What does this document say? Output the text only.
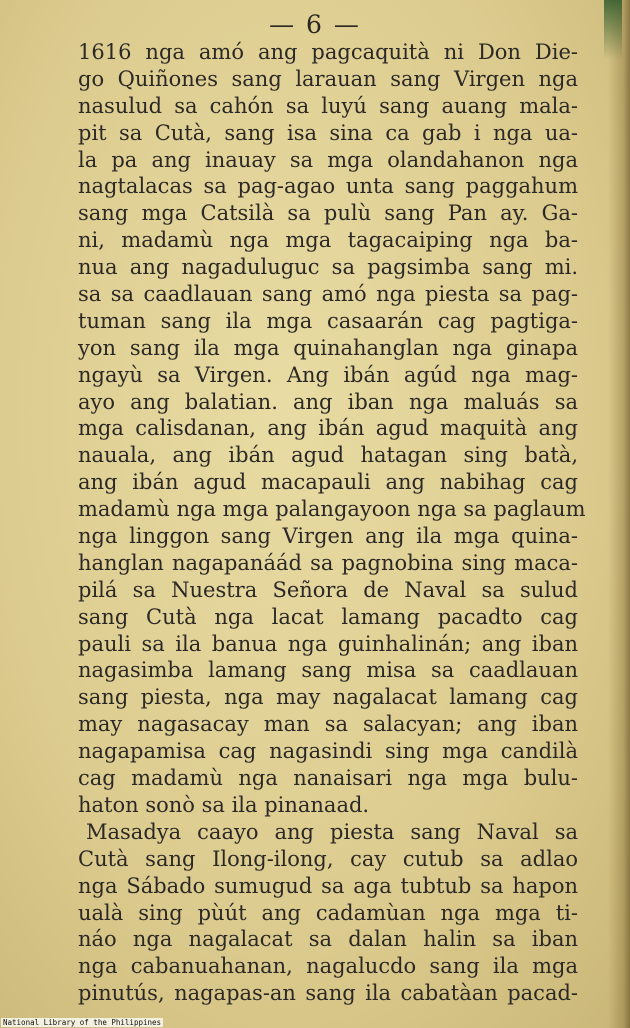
— 6 —
1616 nga amó ang pagcaquità ni Don Die-
go Quiñones sang larauan sang Virgen nga
nasulud sa cahón sa luyú sang auang mala-
pit sa Cutà, sang isa sina ca gab i nga ua-
la pa ang inauay sa mga olandahanon nga
nagtalacas sa pag-agao unta sang paggahum
sang mga Catsilà sa pulù sang Pan ay. Ga-
ni, madamù nga mga tagacaiping nga ba-
nua ang nagaduluguc sa pagsimba sang mi.
sa sa caadlauan sang amó nga piesta sa pag-
tuman sang ila mga casaarán cag pagtiga-
yon sang ila mga quinahanglan nga ginapa
ngayù sa Virgen. Ang ibán agúd nga mag-
ayo ang balatian. ang iban nga maluás sa
mga calisdanan, ang ibán agud maquità ang
nauala, ang ibán agud hatagan sing batà,
ang ibán agud macapauli ang nabihag cag
madamù nga mga palangayoon nga sa paglaum
nga linggon sang Virgen ang ila mga quina-
hanglan nagapanáád sa pagnobina sing maca-
pilá sa Nuestra Señora de Naval sa sulud
sang Cutà nga lacat lamang pacadto cag
pauli sa ila banua nga guinhalinán; ang iban
nagasimba lamang sang misa sa caadlauan
sang piesta, nga may nagalacat lamang cag
may nagasacay man sa salacyan; ang iban
nagapamisa cag nagasindi sing mga candilà
cag madamù nga nanaisari nga mga bulu-
haton sonò sa ila pinanaad.
Masadya caayo ang piesta sang Naval sa
Cutà sang Ilong-ilong, cay cutub sa adlao
nga Sábado sumugud sa aga tubtub sa hapon
ualà sing pùút ang cadamùan nga mga ti-
náo nga nagalacat sa dalan halin sa iban
nga cabanuahanan, nagalucdo sang ila mga
pinutús, nagapas-an sang ila cabatàan pacad-
National Library of the Philippines
